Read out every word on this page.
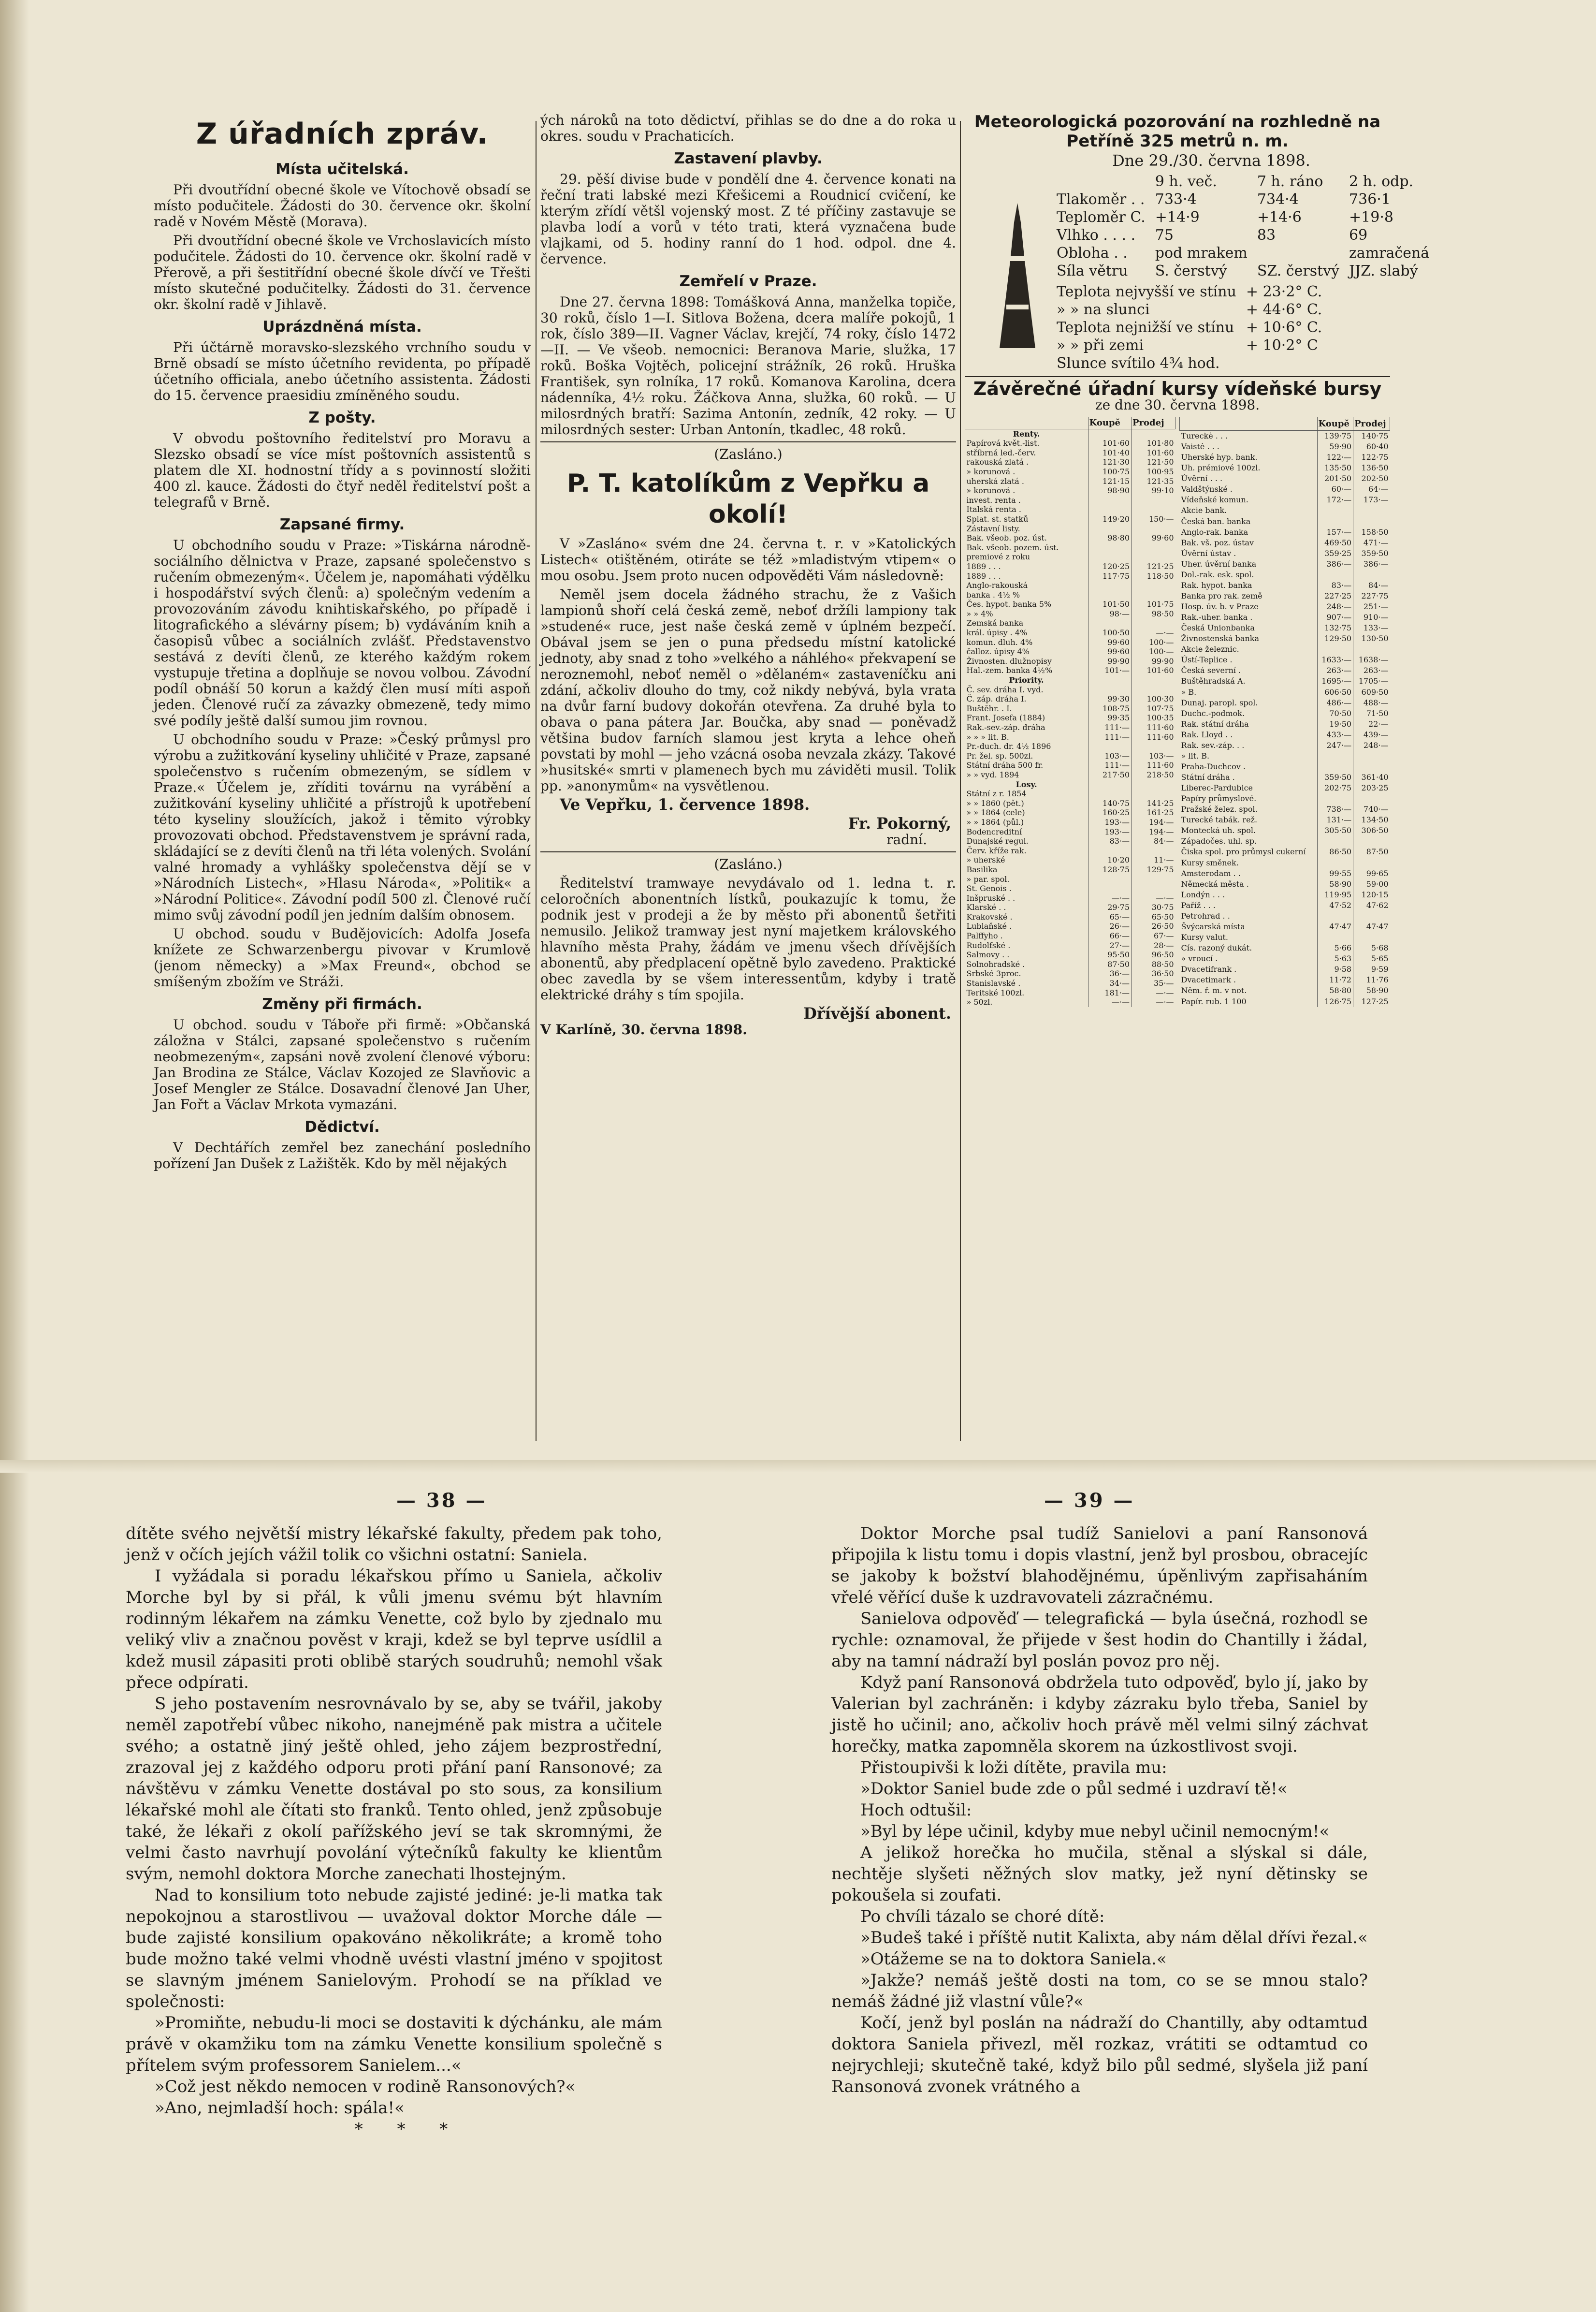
Z úřadních zpráv.
Místa učitelská.

Při dvoutřídní obecné škole ve Vítochově obsadí se místo podučitele. Žádosti do 30. července okr. školní radě v Novém Městě (Morava).

Při dvoutřídní obecné škole ve Vrchoslavicích místo podučitele. Žádosti do 10. července okr. školní radě v Přerově, a při šestitřídní obecné škole dívčí ve Třešti místo skutečné podučitelky. Žádosti do 31. července okr. školní radě v Jihlavě.

Uprázdněná místa.

Při účtárně moravsko-slezského vrchního soudu v Brně obsadí se místo účetního revidenta, po případě účetního officiala, anebo účetního assistenta. Žádosti do 15. července praesidiu zmíněného soudu.

Z pošty.

V obvodu poštovního ředitelství pro Moravu a Slezsko obsadí se více míst poštovních assistentů s platem dle XI. hodnostní třídy a s povinností složiti 400 zl. kauce. Žádosti do čtyř neděl ředitelství pošt a telegrafů v Brně.

Zapsané firmy.

U obchodního soudu v Praze: »Tiskárna národně-sociálního dělnictva v Praze, zapsané společenstvo s ručením obmezeným«. Účelem je, napomáhati výdělku i hospodářství svých členů: a) společným vedením a provozováním závodu knihtiskařského, po případě i litografického a slévárny písem; b) vydáváním knih a časopisů vůbec a sociálních zvlášť. Představenstvo sestává z devíti členů, ze kterého každým rokem vystupuje třetina a doplňuje se novou volbou. Závodní podíl obnáší 50 korun a každý člen musí míti aspoň jeden. Členové ručí za závazky obmezeně, tedy mimo své podíly ještě další sumou jim rovnou.

U obchodního soudu v Praze: »Český průmysl pro výrobu a zužitkování kyseliny uhličité v Praze, zapsané společenstvo s ručením obmezeným, se sídlem v Praze.« Účelem je, zříditi továrnu na vyrábění a zužitkování kyseliny uhličité a přístrojů k upotřebení této kyseliny sloužících, jakož i těmito výrobky provozovati obchod. Představenstvem je správní rada, skládající se z devíti členů na tři léta volených. Svolání valné hromady a vyhlášky společenstva dějí se v »Národních Listech«, »Hlasu Národa«, »Politik« a »Národní Politice«. Závodní podíl 500 zl. Členové ručí mimo svůj závodní podíl jen jedním dalším obnosem.

U obchod. soudu v Budějovicích: Adolfa Josefa knížete ze Schwarzenbergu pivovar v Krumlově (jenom německy) a »Max Freund«, obchod se smíšeným zbožím ve Stráži.

Změny při firmách.

U obchod. soudu v Táboře při firmě: »Občanská záložna v Stálci, zapsané společenstvo s ručením neobmezeným«, zapsáni nově zvolení členové výboru: Jan Brodina ze Stálce, Václav Kozojed ze Slavňovic a Josef Mengler ze Stálce. Dosavadní členové Jan Uher, Jan Fořt a Václav Mrkota vymazáni.

Dědictví.

V Dechtářích zemřel bez zanechání posledního pořízení Jan Dušek z Lažištěk. Kdo by měl nějakých

ých nároků na toto dědictví, přihlas se do dne a do roka u okres. soudu v Prachaticích.

Zastavení plavby.

29. pěší divise bude v pondělí dne 4. července konati na řeční trati labské mezi Křešicemi a Roudnicí cvičení, ke kterým zřídí většl vojenský most. Z té příčiny zastavuje se plavba lodí a vorů v této trati, která vyznačena bude vlajkami, od 5. hodiny ranní do 1 hod. odpol. dne 4. července.

Zemřelí v Praze.

Dne 27. června 1898: Tomášková Anna, manželka topiče, 30 roků, číslo 1—I. Sitlova Božena, dcera malíře pokojů, 1 rok, číslo 389—II. Vagner Václav, krejčí, 74 roky, číslo 1472—II. — Ve všeob. nemocnici: Beranova Marie, služka, 17 roků. Boška Vojtěch, policejní strážník, 26 roků. Hruška František, syn rolníka, 17 roků. Komanova Karolina, dcera nádenníka, 4½ roku. Žáčkova Anna, služka, 60 roků. — U milosrdných bratří: Sazima Antonín, zedník, 42 roky. — U milosrdných sester: Urban Antonín, tkadlec, 48 roků.

(Zasláno.)
P. T. katolíkům z Vepřku a okolí!

V »Zasláno« svém dne 24. června t. r. v »Katolických Listech« otištěném, otiráte se též »mladistvým vtipem« o mou osobu. Jsem proto nucen odpověděti Vám následovně:

Neměl jsem docela žádného strachu, že z Vašich lampionů shoří celá česká země, neboť držíli lampiony tak »studené« ruce, jest naše česká země v úplném bezpečí. Obával jsem se jen o puna předsedu místní katolické jednoty, aby snad z toho »velkého a náhlého« překvapení se neroznemohl, neboť neměl o »dělaném« zastaveníčku ani zdání, ačkoliv dlouho do tmy, což nikdy nebývá, byla vrata na dvůr farní budovy dokořán otevřena. Za druhé byla to obava o pana pátera Jar. Boučka, aby snad — poněvadž většina budov farních slamou jest kryta a lehce oheň povstati by mohl — jeho vzácná osoba nevzala zkázy. Takové »husitské« smrti v plamenech bych mu záviděti musil. Tolik pp. »anonymům« na vysvětlenou.

Ve Vepřku, 1. července 1898.

Fr. Pokorný,
radní.
(Zasláno.)

Ředitelství tramwaye nevydávalo od 1. ledna t. r. celoročních abonentních lístků, poukazujíc k tomu, že podnik jest v prodeji a že by město při abonentů šetřiti nemusilo. Jelikož tramway jest nyní majetkem královského hlavního města Prahy, žádám ve jmenu všech dřívějších abonentů, aby předplacení opětně bylo zavedeno. Praktické obec zavedla by se všem interessentům, kdyby i tratě elektrické dráhy s tím spojila.

Dřívější abonent.

V Karlíně, 30. června 1898.

Meteorologická pozorování na rozhledně na Petříně 325 metrů n. m.
Dne 29./30. června 1898.
	9 h. več.	7 h. ráno	2 h. odp.
Tlakoměr . .	733·4	734·4	736·1
Teploměr C.	+14·9	+14·6	+19·8
Vlhko . . . .	75	83	69
Obloha . .	pod mrakem		zamračená
Síla větru	S. čerstvý	SZ. čerstvý	JJZ. slabý
Teplota nejvyšší ve stínu	+ 23·2° C.
» » na slunci	+ 44·6° C.
Teplota nejnižší ve stínu	+ 10·6° C.
» » při zemi	+ 10·2° C
Slunce svítilo 4¾ hod.	
Závěrečné úřadní kursy vídeňské bursy
ze dne 30. června 1898.
	Koupě	Prodej
Renty.		
Papírová květ.-list.	101·60	101·80
stříbrná led.-červ.	101·40	101·60
rakouská zlatá .	121·30	121·50
» korunová .	100·75	100·95
uherská zlatá .	121·15	121·35
» korunová .	98·90	99·10
invest. renta .		
Italská renta .		
Splat. st. statků	149·20	150·—
Zástavní listy.		
Bak. všeob. poz. úst.	98·80	99·60
Bak. všeob. pozem. úst.		
premiové z roku		
1889 . . .	120·25	121·25
1889 . . .	117·75	118·50
Anglo-rakouská		
banka . 4½ %		
Čes. hypot. banka 5%	101·50	101·75
» » 4%	98·—	98·50
Zemská banka		
král. úpisy . 4%	100·50	—·—
komun. dluh. 4%	99·60	100·—
čalloz. úpisy 4%	99·60	100·—
Živnosten. dlužnopisy	99·90	99·90
Hal.-zem. banka 4½%	101·—	101·60
Priority.		
Č. sev. dráha I. vyd.		
Č. záp. dráha I.	99·30	100·30
Buštěhr. . I.	108·75	107·75
Frant. Josefa (1884)	99·35	100·35
Rak.-sev.-záp. dráha	111·—	111·60
» » » lit. B.	111·—	111·60
Pr.-duch. dr. 4½ 1896		
Pr. žel. sp. 500zl.	103·—	103·—
Státní dráha 500 fr.	111·—	111·60
» » vyd. 1894	217·50	218·50
Losy.		
Státní z r. 1854		
» » 1860 (pět.)	140·75	141·25
» » 1864 (cele)	160·25	161·25
» » 1864 (půl.)	193·—	194·—
Bodencreditní	193·—	194·—
Dunajské regul.	83·—	84·—
Červ. kříže rak.		
» uherské	10·20	11·—
Basilika	128·75	129·75
» par. spol.		
St. Genois .		
Inšpruské . .	—·—	—·—
Klarské . .	29·75	30·75
Krakovské .	65·—	65·50
Lublaňské .	26·—	26·50
Palffyho .	66·—	67·—
Rudolfské .	27·—	28·—
Salmovy . .	95·50	96·50
Solnohradské .	87·50	88·50
Srbské 3proc.	36·—	36·50
Stanislavské .	34·—	35·—
Teritské 100zl.	181·—	—·—
» 50zl.	—·—	—·—
	Koupě	Prodej
Tureckė . . .	139·75	140·75
Vaistė . . .	59·90	60·40
Uherské hyp. bank.	122·—	122·75
Uh. prémiové 100zl.	135·50	136·50
Úvěrní . . .	201·50	202·50
Valdštýnské .	60·—	64·—
Vídeňské komun.	172·—	173·—
Akcie bank.		
Česká ban. banka		
Anglo-rak. banka	157·—	158·50
Bak. vš. poz. ústav	469·50	471·—
Úvěrní ústav .	359·25	359·50
Uher. úvěrní banka	386·—	386·—
Dol.-rak. esk. spol.		
Rak. hypot. banka	83·—	84·—
Banka pro rak. země	227·25	227·75
Hosp. úv. b. v Praze	248·—	251·—
Rak.-uher. banka .	907·—	910·—
Česká Unionbanka	132·75	133·—
Živnostenská banka	129·50	130·50
Akcie železnic.		
Ústí-Teplice .	1633·—	1638·—
Česká severní .	263·—	263·—
Buštěhradská A.	1695·—	1705·—
» B.	606·50	609·50
Dunaj. paropl. spol.	486·—	488·—
Duchc.-podmok.	70·50	71·50
Rak. státní dráha	19·50	22·—
Rak. Lloyd . .	433·—	439·—
Rak. sev.-záp. . .	247·—	248·—
» lit. B.		
Praha-Duchcov .		
Státní dráha .	359·50	361·40
Liberec-Pardubice	202·75	203·25
Papíry průmyslové.		
Pražské želez. spol.	738·—	740·—
Turecké tabák. rež.	131·—	134·50
Montecká uh. spol.	305·50	306·50
Západočes. uhl. sp.		
Čiska spol. pro průmysl cukerní	86·50	87·50
Kursy směnek.		
Amsterodam . .	99·55	99·65
Německá města .	58·90	59·00
Londýn . . .	119·95	120·15
Paříž . . .	47·52	47·62
Petrohrad . .		
Švýcarská místa	47·47	47·47
Kursy valut.		
Cís. razoný dukát.	5·66	5·68
» vroucí .	5·63	5·65
Dvacetifrank .	9·58	9·59
Dvacetimark .	11·72	11·76
Něm. ř. m. v not.	58·80	58·90
Papír. rub. 1 100	126·75	127·25
— 38 —	— 39 —

dítěte svého největší mistry lékařské fakulty, předem pak toho, jenž v očích jejích vážil tolik co všichni ostatní: Saniela.

I vyžádala si poradu lékařskou přímo u Saniela, ačkoliv Morche byl by si přál, k vůli jmenu svému být hlavním rodinným lékařem na zámku Venette, což bylo by zjednalo mu veliký vliv a značnou pověst v kraji, kdež se byl teprve usídlil a kdež musil zápasiti proti oblibě starých soudruhů; nemohl však přece odpírati.

S jeho postavením nesrovnávalo by se, aby se tvářil, jakoby neměl zapotřebí vůbec nikoho, nanejméně pak mistra a učitele svého; a ostatně jiný ještě ohled, jeho zájem bezprostřední, zrazoval jej z každého odporu proti přání paní Ransonové; za návštěvu v zámku Venette dostával po sto sous, za konsilium lékařské mohl ale čítati sto franků. Tento ohled, jenž způsobuje také, že lékaři z okolí pařížského jeví se tak skromnými, že velmi často navrhují povolání výtečníků fakulty ke klientům svým, nemohl doktora Morche zanechati lhostejným.

Nad to konsilium toto nebude zajisté jediné: je-li matka tak nepokojnou a starostlivou — uvažoval doktor Morche dále — bude zajisté konsilium opakováno několikráte; a kromě toho bude možno také velmi vhodně uvésti vlastní jméno v spojitost se slavným jménem Sanielovým. Prohodí se na příklad ve společnosti:

»Promiňte, nebudu-li moci se dostaviti k dýchánku, ale mám právě v okamžiku tom na zámku Venette konsilium společně s přítelem svým professorem Sanielem...«

»Což jest někdo nemocen v rodině Ransonových?«

»Ano, nejmladší hoch: spála!«

* * *

Doktor Morche psal tudíž Sanielovi a paní Ransonová připojila k listu tomu i dopis vlastní, jenž byl prosbou, obracejíc se jakoby k božství blahodějnému, úpěnlivým zapřisaháním vřelé věřící duše k uzdravovateli zázračnému.

Sanielova odpověď — telegrafická — byla úsečná, rozhodl se rychle: oznamoval, že přijede v šest hodin do Chantilly i žádal, aby na tamní nádraží byl poslán povoz pro něj.

Když paní Ransonová obdržela tuto odpověď, bylo jí, jako by Valerian byl zachráněn: i kdyby zázraku bylo třeba, Saniel by jistě ho učinil; ano, ačkoliv hoch právě měl velmi silný záchvat horečky, matka zapomněla skorem na úzkostlivost svoji.

Přistoupivši k loži dítěte, pravila mu:

»Doktor Saniel bude zde o půl sedmé i uzdraví tě!«

Hoch odtušil:

»Byl by lépe učinil, kdyby mue nebyl učinil nemocným!«

A jelikož horečka ho mučila, stěnal a slýskal si dále, nechtěje slyšeti něžných slov matky, jež nyní dětinsky se pokoušela si zoufati.

Po chvíli tázalo se choré dítě:

»Budeš také i příště nutit Kalixta, aby nám dělal dřívi řezal.«

»Otážeme se na to doktora Saniela.«

»Jakže? nemáš ještě dosti na tom, co se se mnou stalo? nemáš žádné již vlastní vůle?«

Kočí, jenž byl poslán na nádraží do Chantilly, aby odtamtud doktora Saniela přivezl, měl rozkaz, vrátiti se odtamtud co nejrychleji; skutečně také, když bilo půl sedmé, slyšela již paní Ransonová zvonek vrátného a
